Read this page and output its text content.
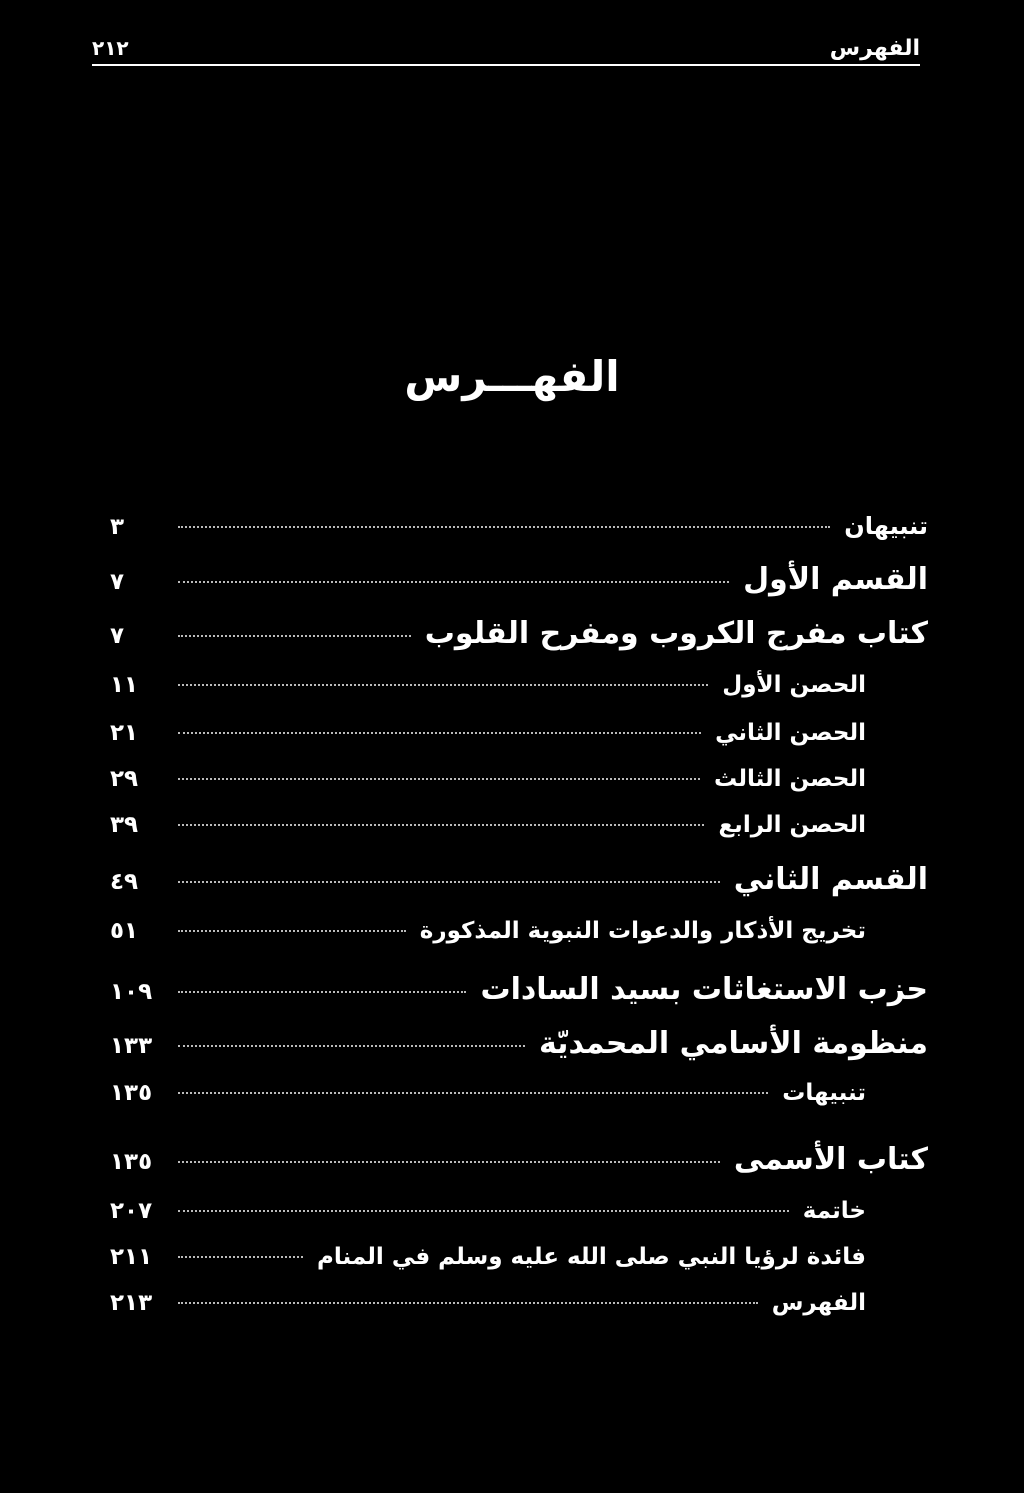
الفهرس
٢١٢
الفهـــرس
تنبيهان
٣
القسم الأول
٧
كتاب مفرج الكروب ومفرح القلوب
٧
الحصن الأول
١١
الحصن الثاني
٢١
الحصن الثالث
٢٩
الحصن الرابع
٣٩
القسم الثاني
٤٩
تخريج الأذكار والدعوات النبوية المذكورة
٥١
حزب الاستغاثات بسيد السادات
١٠٩
منظومة الأسامي المحمديّة
١٣٣
تنبيهات
١٣٥
كتاب الأسمى
١٣٥
خاتمة
٢٠٧
فائدة لرؤيا النبي صلى الله عليه وسلم في المنام
٢١١
الفهرس
٢١٣
